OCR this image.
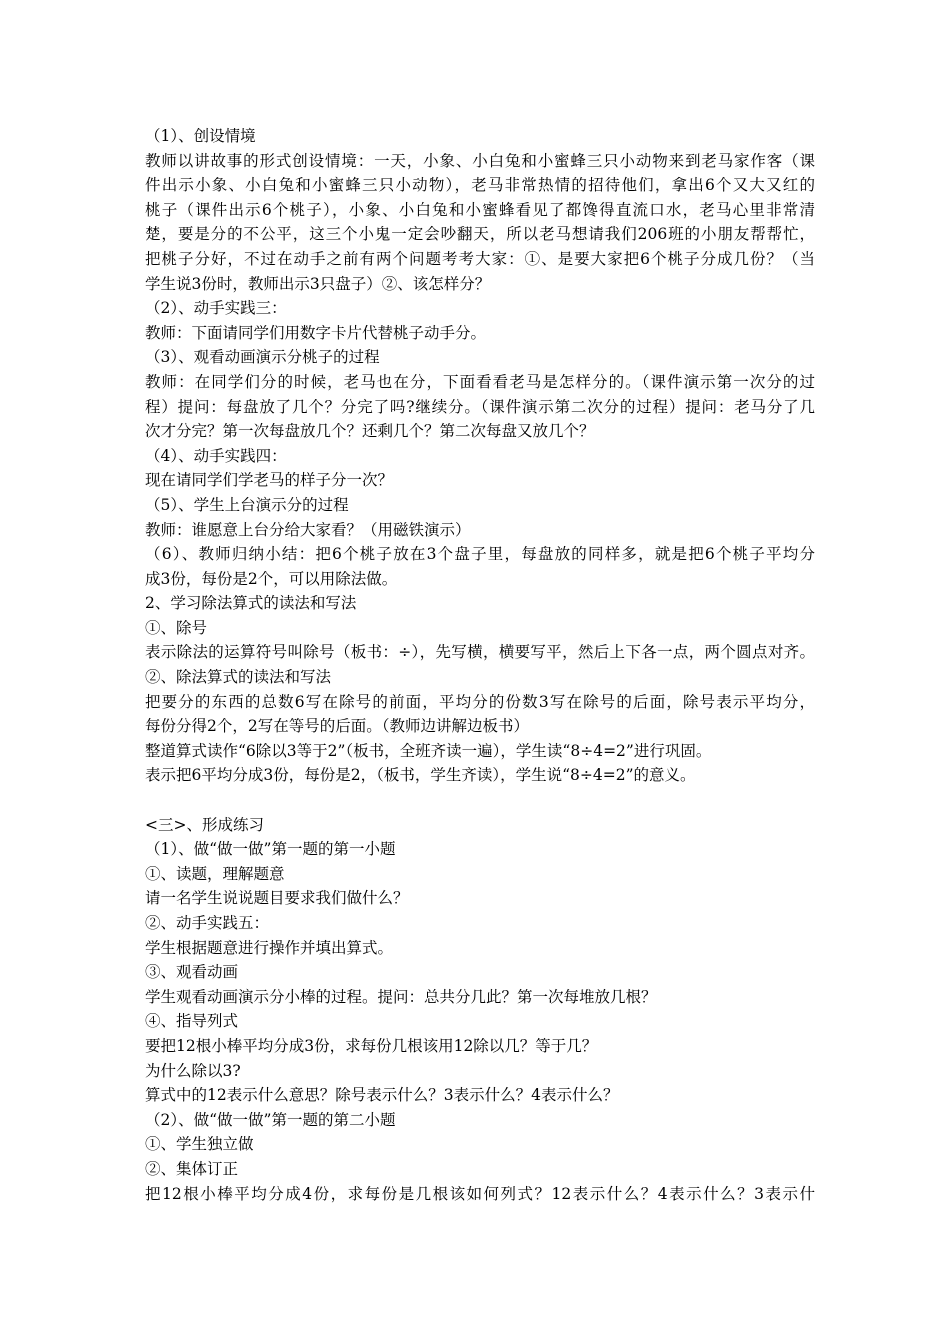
（1）、创设情境
教师以讲故事的形式创设情境：一天，小象、小白兔和小蜜蜂三只小动物来到老马家作客（课
件出示小象、小白兔和小蜜蜂三只小动物），老马非常热情的招待他们，拿出6个又大又红的
桃子（课件出示6个桃子），小象、小白兔和小蜜蜂看见了都馋得直流口水，老马心里非常清
楚，要是分的不公平，这三个小鬼一定会吵翻天，所以老马想请我们206班的小朋友帮帮忙，
把桃子分好，不过在动手之前有两个问题考考大家：①、是要大家把6个桃子分成几份？（当
学生说3份时，教师出示3只盘子）②、该怎样分？
（2）、动手实践三：
教师：下面请同学们用数字卡片代替桃子动手分。
（3）、观看动画演示分桃子的过程
教师：在同学们分的时候，老马也在分，下面看看老马是怎样分的。（课件演示第一次分的过
程）提问：每盘放了几个？分完了吗?继续分。（课件演示第二次分的过程）提问：老马分了几
次才分完？第一次每盘放几个？还剩几个？第二次每盘又放几个？
（4）、动手实践四：
现在请同学们学老马的样子分一次？
（5）、学生上台演示分的过程
教师：谁愿意上台分给大家看？（用磁铁演示）
（6）、教师归纳小结：把6个桃子放在3个盘子里，每盘放的同样多，就是把6个桃子平均分
成3份，每份是2个，可以用除法做。
2、学习除法算式的读法和写法
①、除号
表示除法的运算符号叫除号（板书：÷），先写横，横要写平，然后上下各一点，两个圆点对齐。
②、除法算式的读法和写法
把要分的东西的总数6写在除号的前面，平均分的份数3写在除号的后面，除号表示平均分，
每份分得2个，2写在等号的后面。（教师边讲解边板书）
整道算式读作“6除以3等于2”（板书，全班齐读一遍），学生读“8÷4=2”进行巩固。
表示把6平均分成3份，每份是2，（板书，学生齐读），学生说“8÷4=2”的意义。
<三>、形成练习
（1）、做“做一做”第一题的第一小题
①、读题，理解题意
请一名学生说说题目要求我们做什么？
②、动手实践五：
学生根据题意进行操作并填出算式。
③、观看动画
学生观看动画演示分小棒的过程。提问：总共分几此？第一次每堆放几根？
④、指导列式
要把12根小棒平均分成3份，求每份几根该用12除以几？等于几？
为什么除以3?
算式中的12表示什么意思？除号表示什么？3表示什么？4表示什么？
（2）、做“做一做”第一题的第二小题
①、学生独立做
②、集体订正
把12根小棒平均分成4份，求每份是几根该如何列式？12表示什么？4表示什么？3表示什
